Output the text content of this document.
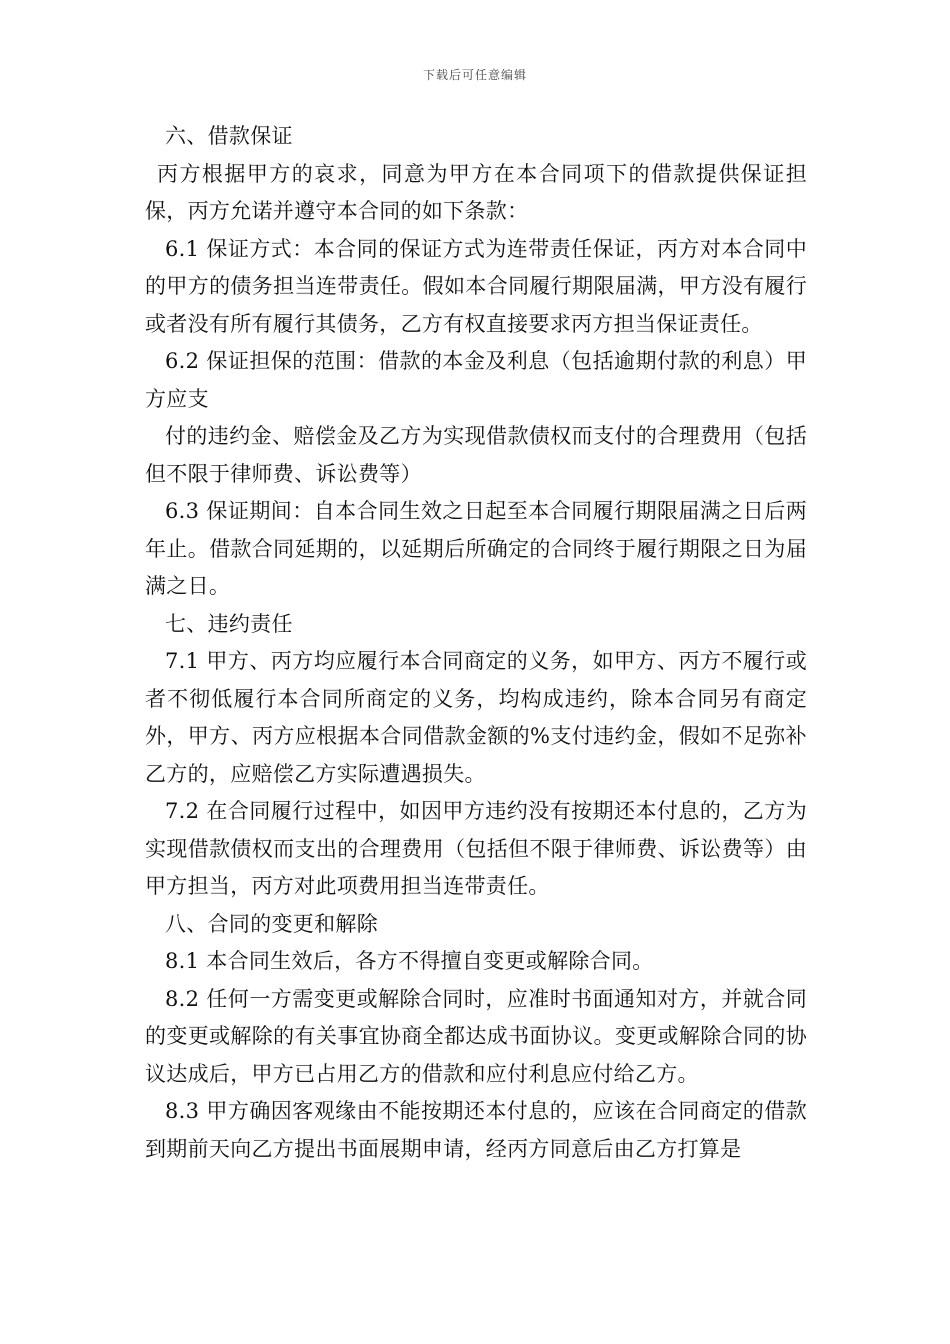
下载后可任意编辑

六、借款保证

丙方根据甲方的哀求，同意为甲方在本合同项下的借款提供保证担保，丙方允诺并遵守本合同的如下条款：

6.1 保证方式：本合同的保证方式为连带责任保证，丙方对本合同中的甲方的债务担当连带责任。假如本合同履行期限届满，甲方没有履行或者没有所有履行其债务，乙方有权直接要求丙方担当保证责任。

6.2 保证担保的范围：借款的本金及利息（包括逾期付款的利息）甲方应支

付的违约金、赔偿金及乙方为实现借款债权而支付的合理费用（包括但不限于律师费、诉讼费等）

6.3 保证期间：自本合同生效之日起至本合同履行期限届满之日后两年止。借款合同延期的，以延期后所确定的合同终于履行期限之日为届满之日。

七、违约责任

7.1 甲方、丙方均应履行本合同商定的义务，如甲方、丙方不履行或者不彻低履行本合同所商定的义务，均构成违约，除本合同另有商定外，甲方、丙方应根据本合同借款金额的%支付违约金，假如不足弥补乙方的，应赔偿乙方实际遭遇损失。

7.2 在合同履行过程中，如因甲方违约没有按期还本付息的，乙方为实现借款债权而支出的合理费用（包括但不限于律师费、诉讼费等）由甲方担当，丙方对此项费用担当连带责任。

八、合同的变更和解除

8.1 本合同生效后，各方不得擅自变更或解除合同。

8.2 任何一方需变更或解除合同时，应准时书面通知对方，并就合同的变更或解除的有关事宜协商全都达成书面协议。变更或解除合同的协议达成后，甲方已占用乙方的借款和应付利息应付给乙方。

8.3 甲方确因客观缘由不能按期还本付息的，应该在合同商定的借款到期前天向乙方提出书面展期申请，经丙方同意后由乙方打算是
